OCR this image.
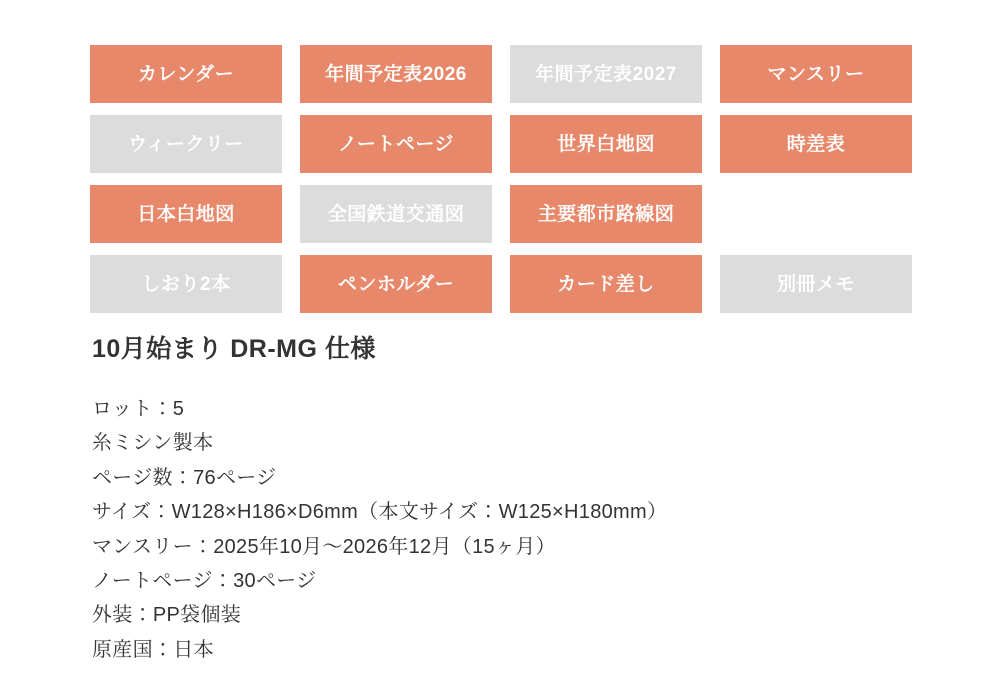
カレンダー	年間予定表2026	年間予定表2027	マンスリー
ウィークリー	ノートページ	世界白地図	時差表
日本白地図	全国鉄道交通図	主要都市路線図
しおり2本	ペンホルダー	カード差し	別冊メモ
10月始まり DR-MG 仕様
ロット：5
糸ミシン製本
ページ数：76ページ
サイズ：W128×H186×D6mm（本文サイズ：W125×H180mm）
マンスリー：2025年10月〜2026年12月（15ヶ月）
ノートページ：30ページ
外装：PP袋個装
原産国：日本
